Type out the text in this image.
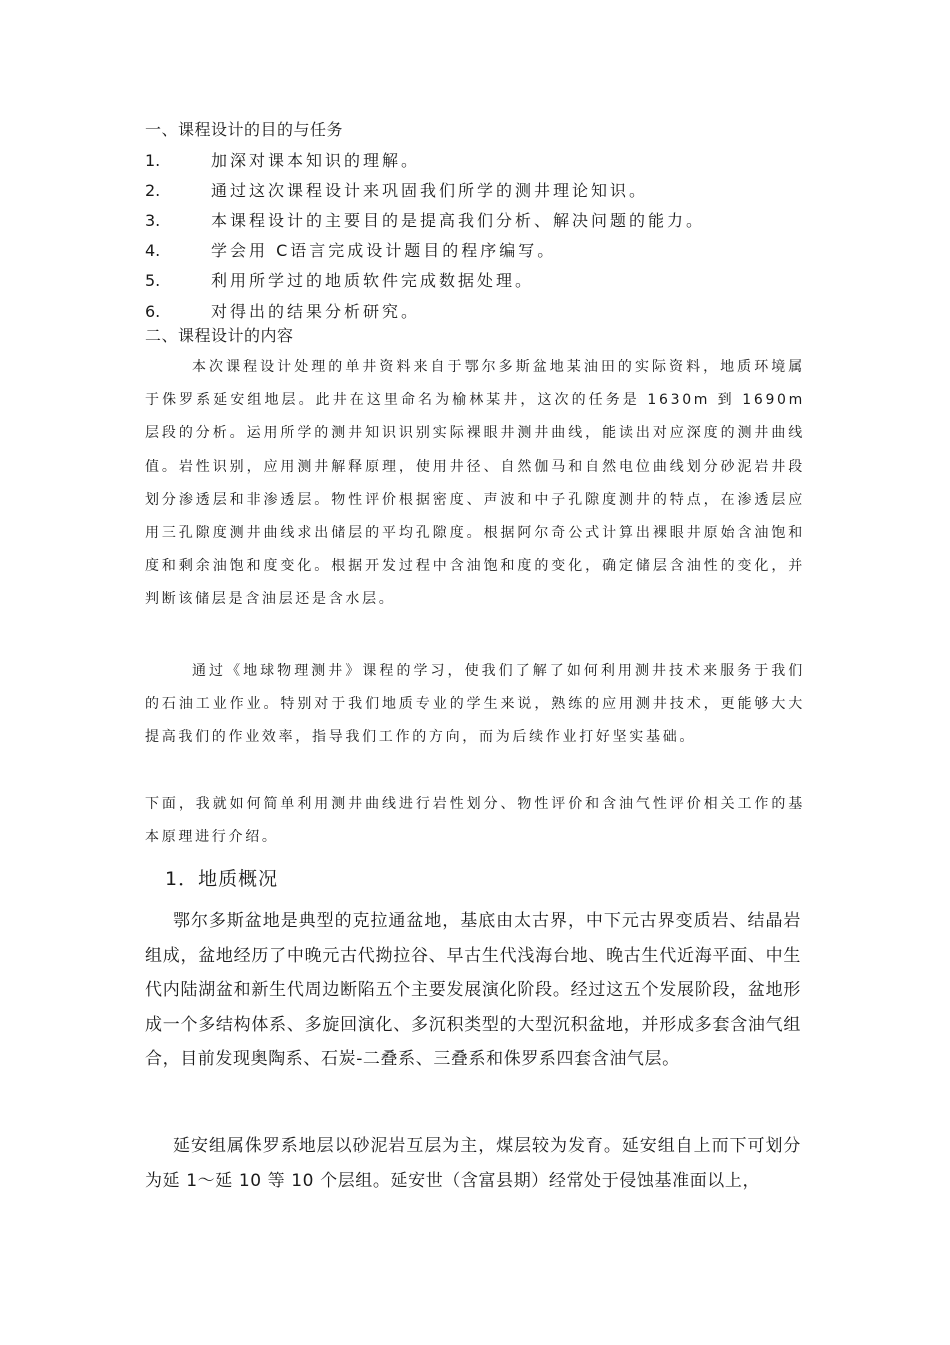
一、课程设计的目的与任务
1.	加深对课本知识的理解。
2.	通过这次课程设计来巩固我们所学的测井理论知识。
3.	本课程设计的主要目的是提高我们分析、解决问题的能力。
4.	学会用 C语言完成设计题目的程序编写。
5.	利用所学过的地质软件完成数据处理。
6.	对得出的结果分析研究。
二、课程设计的内容

本次课程设计处理的单井资料来自于鄂尔多斯盆地某油田的实际资料，地质环境属于侏罗系延安组地层。此井在这里命名为榆林某井，这次的任务是 1630m 到 1690m 层段的分析。运用所学的测井知识识别实际裸眼井测井曲线，能读出对应深度的测井曲线值。岩性识别，应用测井解释原理，使用井径、自然伽马和自然电位曲线划分砂泥岩井段划分渗透层和非渗透层。物性评价根据密度、声波和中子孔隙度测井的特点，在渗透层应用三孔隙度测井曲线求出储层的平均孔隙度。根据阿尔奇公式计算出裸眼井原始含油饱和度和剩余油饱和度变化。根据开发过程中含油饱和度的变化，确定储层含油性的变化，并判断该储层是含油层还是含水层。

通过《地球物理测井》课程的学习，使我们了解了如何利用测井技术来服务于我们的石油工业作业。特别对于我们地质专业的学生来说，熟练的应用测井技术，更能够大大提高我们的作业效率，指导我们工作的方向，而为后续作业打好坚实基础。

下面，我就如何简单利用测井曲线进行岩性划分、物性评价和含油气性评价相关工作的基本原理进行介绍。

1．地质概况

鄂尔多斯盆地是典型的克拉通盆地，基底由太古界，中下元古界变质岩、结晶岩组成，盆地经历了中晚元古代拗拉谷、早古生代浅海台地、晚古生代近海平面、中生代内陆湖盆和新生代周边断陷五个主要发展演化阶段。经过这五个发展阶段，盆地形成一个多结构体系、多旋回演化、多沉积类型的大型沉积盆地，并形成多套含油气组合，目前发现奥陶系、石炭-二叠系、三叠系和侏罗系四套含油气层。

延安组属侏罗系地层以砂泥岩互层为主，煤层较为发育。延安组自上而下可划分为延 1～延 10 等 10 个层组。延安世（含富县期）经常处于侵蚀基准面以上，
